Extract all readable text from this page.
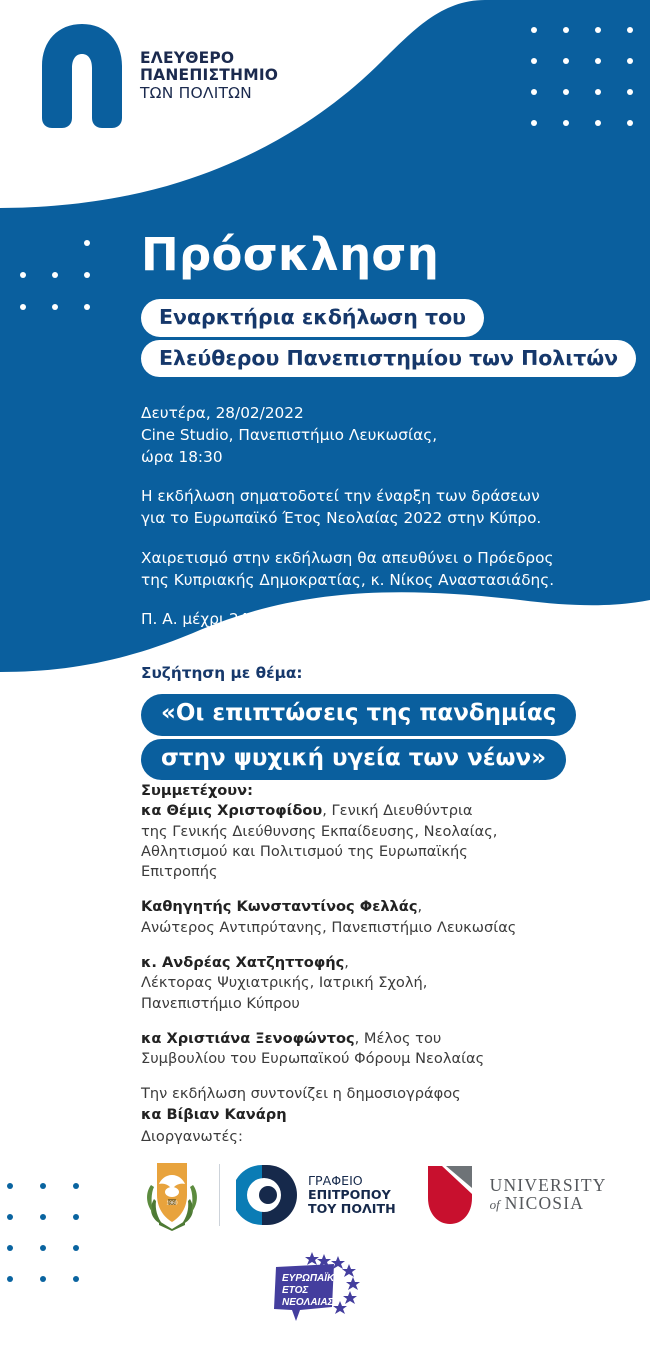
ΕΛΕΥΘΕΡΟ
ΠΑΝΕΠΙΣΤΗΜΙΟ
ΤΩΝ ΠΟΛΙΤΩΝ
Πρόσκληση
Εναρκτήρια εκδήλωση του
Ελεύθερου Πανεπιστημίου των Πολιτών

Δευτέρα, 28/02/2022
Cine Studio, Πανεπιστήμιο Λευκωσίας,
ώρα 18:30

Η εκδήλωση σηματοδοτεί την έναρξη των δράσεων
για το Ευρωπαϊκό Έτος Νεολαίας 2022 στην Κύπρο.

Χαιρετισμό στην εκδήλωση θα απευθύνει ο Πρόεδρος
της Κυπριακής Δημοκρατίας, κ. Νίκος Αναστασιάδης.

Π. Α. μέχρι 24/2, 22309011

Συζήτηση με θέμα:
«Οι επιπτώσεις της πανδημίας
στην ψυχική υγεία των νέων»
Συμμετέχουν:
κα Θέμις Χριστοφίδου, Γενική Διευθύντρια
της Γενικής Διεύθυνσης Εκπαίδευσης, Νεολαίας,
Αθλητισμού και Πολιτισμού της Ευρωπαϊκής
Επιτροπής
Καθηγητής Κωνσταντίνος Φελλάς,
Ανώτερος Αντιπρύτανης, Πανεπιστήμιο Λευκωσίας
κ. Ανδρέας Χατζηττοφής,
Λέκτορας Ψυχιατρικής, Ιατρική Σχολή,
Πανεπιστήμιο Κύπρου
κα Χριστιάνα Ξενοφώντος, Μέλος του
Συμβουλίου του Ευρωπαϊκού Φόρουμ Νεολαίας
Την εκδήλωση συντονίζει η δημοσιογράφος
κα Βίβιαν Κανάρη
Διοργανωτές:
1960
ΓΡΑΦΕΙΟ
ΕΠΙΤΡΟΠΟΥ
ΤΟΥ ΠΟΛΙΤΗ
UNIVERSITY
of NICOSIA
ΕΥΡΩΠΑΪΚΟ
ΕΤΟΣ
ΝΕΟΛΑΙΑΣ
